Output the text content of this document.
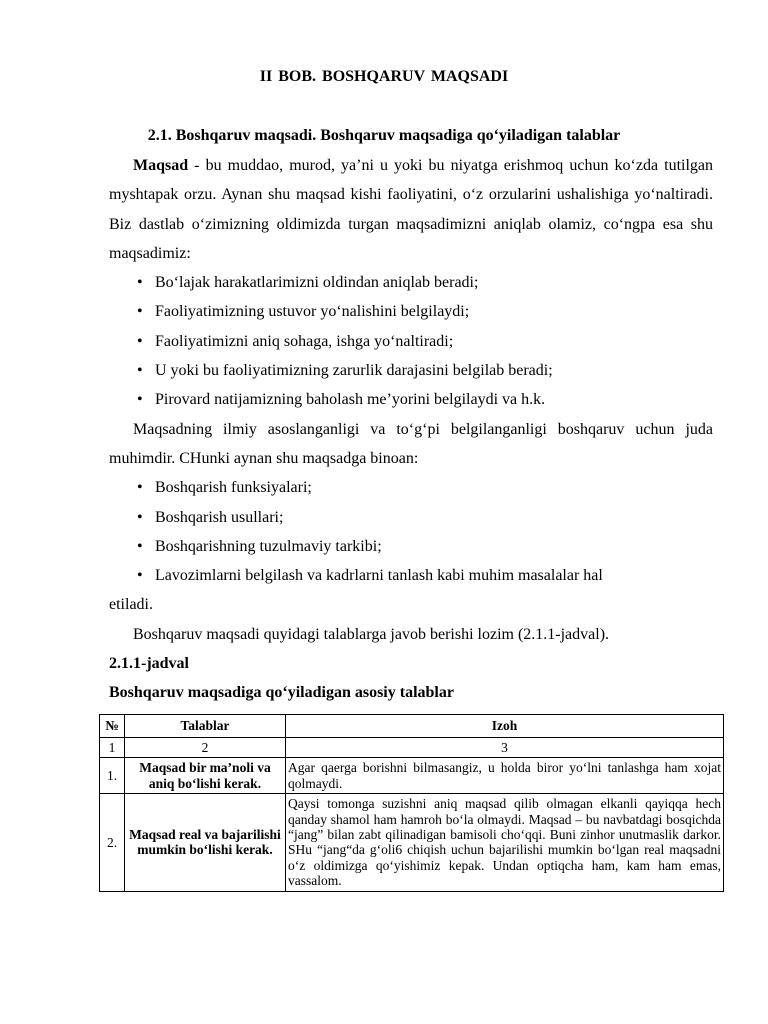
II BOB. BOSHQARUV MAQSADI
2.1. Boshqaruv maqsadi. Boshqaruv maqsadiga qo‘yiladigan talablar

Maqsad - bu muddao, murod, ya’ni u yoki bu niyatga erishmoq uchun ko‘zda tutilgan myshtapak orzu. Aynan shu maqsad kishi faoliyatini, o‘z orzularini ushalishiga yo‘naltiradi. Biz dastlab o‘zimizning oldimizda turgan maqsadimizni aniqlab olamiz, co‘ngpa esa shu maqsadimiz:

• Bo‘lajak harakatlarimizni oldindan aniqlab beradi;
• Faoliyatimizning ustuvor yo‘nalishini belgilaydi;
• Faoliyatimizni aniq sohaga, ishga yo‘naltiradi;
• U yoki bu faoliyatimizning zarurlik darajasini belgilab beradi;
• Pirovard natijamizning baholash me’yorini belgilaydi va h.k.

Maqsadning ilmiy asoslanganligi va to‘g‘pi belgilanganligi boshqaruv uchun juda muhimdir. CHunki aynan shu maqsadga binoan:

• Boshqarish funksiyalari;
• Boshqarish usullari;
• Boshqarishning tuzulmaviy tarkibi;
• Lavozimlarni belgilash va kadrlarni tanlash kabi muhim masalalar hal

etiladi.

Boshqaruv maqsadi quyidagi talablarga javob berishi lozim (2.1.1-jadval).

2.1.1-jadval

Boshqaruv maqsadiga qo‘yiladigan asosiy talablar

№	Talablar	Izoh
1	2	3
1.	Maqsad bir ma’noli va aniq bo‘lishi kerak.	Agar qaerga borishni bilmasangiz, u holda biror yo‘lni tanlashga ham xojat qolmaydi.
2.	Maqsad real va bajarilishi mumkin bo‘lishi kerak.	Qaysi tomonga suzishni aniq maqsad qilib olmagan elkanli qayiqqa hech qanday shamol ham hamroh bo‘la olmaydi. Maqsad – bu navbatdagi bosqichda “jang” bilan zabt qilinadigan bamisoli cho‘qqi. Buni zinhor unutmaslik darkor. SHu “jang“da g‘oli6 chiqish uchun bajarilishi mumkin bo‘lgan real maqsadni o‘z oldimizga qo‘yishimiz kepak. Undan optiqcha ham, kam ham emas, vassalom.
